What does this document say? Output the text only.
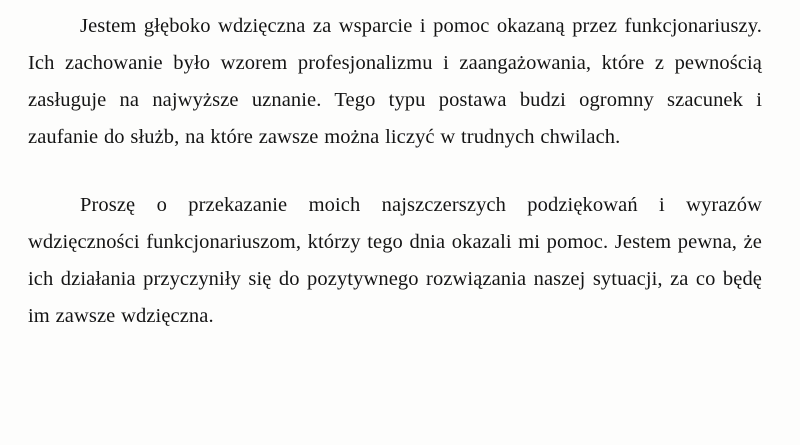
Jestem głęboko wdzięczna za wsparcie i pomoc okazaną przez funkcjonariuszy. Ich zachowanie było wzorem profesjonalizmu i zaangażowania, które z pewnością zasługuje na najwyższe uznanie. Tego typu postawa budzi ogromny szacunek i zaufanie do służb, na które zawsze można liczyć w trudnych chwilach.

Proszę o przekazanie moich najszczerszych podziękowań i wyrazów wdzięczności funkcjonariuszom, którzy tego dnia okazali mi pomoc. Jestem pewna, że ich działania przyczyniły się do pozytywnego rozwiązania naszej sytuacji, za co będę im zawsze wdzięczna.
